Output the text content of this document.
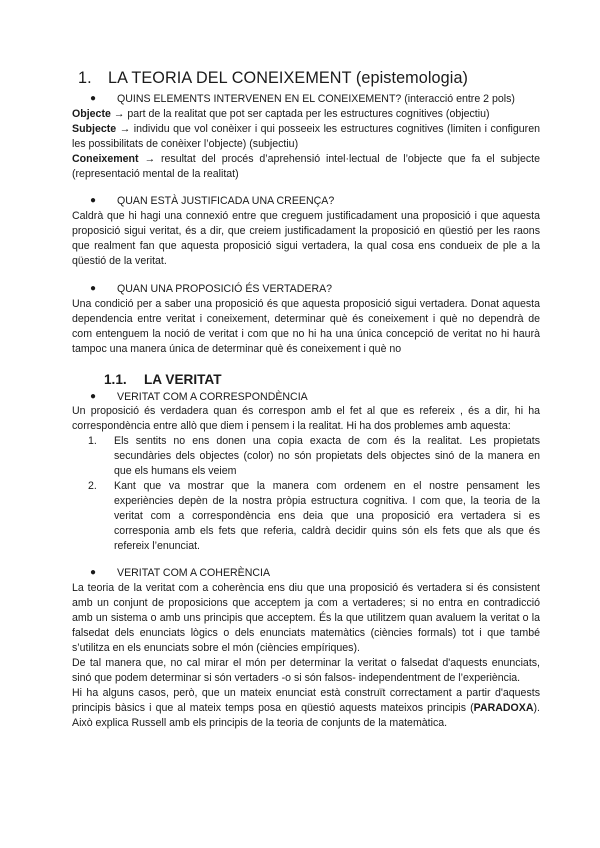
1. LA TEORIA DEL CONEIXEMENT (epistemologia)
● QUINS ELEMENTS INTERVENEN EN EL CONEIXEMENT? (interacció entre 2 pols)

Objecte → part de la realitat que pot ser captada per les estructures cognitives (objectiu)

Subjecte → individu que vol conèixer i qui posseeix les estructures cognitives (limiten i configuren les possibilitats de conèixer l’objecte) (subjectiu)

Coneixement → resultat del procés d’aprehensió intel·lectual de l’objecte que fa el subjecte (representació mental de la realitat)

● QUAN ESTÀ JUSTIFICADA UNA CREENÇA?

Caldrà que hi hagi una connexió entre que creguem justificadament una proposició i que aquesta proposició sigui veritat, és a dir, que creiem justificadament la proposició en qüestió per les raons que realment fan que aquesta proposició sigui vertadera, la qual cosa ens condueix de ple a la qüestió de la veritat.

● QUAN UNA PROPOSICIÓ ÉS VERTADERA?

Una condició per a saber una proposició és que aquesta proposició sigui vertadera. Donat aquesta dependencia entre veritat i coneixement, determinar què és coneixement i què no dependrà de com entenguem la noció de veritat i com que no hi ha una única concepció de veritat no hi haurà tampoc una manera única de determinar què és coneixement i què no

1.1. LA VERITAT
● VERITAT COM A CORRESPONDÈNCIA

Un proposició és verdadera quan és correspon amb el fet al que es refereix , és a dir, hi ha correspondència entre allò que diem i pensem i la realitat. Hi ha dos problemes amb aquesta:

1. Els sentits no ens donen una copia exacta de com és la realitat. Les propietats secundàries dels objectes (color) no són propietats dels objectes sinó de la manera en que els humans els veiem
2. Kant que va mostrar que la manera com ordenem en el nostre pensament les experiències depèn de la nostra pròpia estructura cognitiva. I com que, la teoria de la veritat com a correspondència ens deia que una proposició era vertadera si es corresponia amb els fets que referia, caldrà decidir quins són els fets que als que és refereix l’enunciat.
● VERITAT COM A COHERÈNCIA

La teoria de la veritat com a coherència ens diu que una proposició és vertadera si és consistent amb un conjunt de proposicions que acceptem ja com a vertaderes; si no entra en contradicció amb un sistema o amb uns principis que acceptem. És la que utilitzem quan avaluem la veritat o la falsedat dels enunciats lògics o dels enunciats matemàtics (ciències formals) tot i que també s’utilitza en els enunciats sobre el món (ciències empíriques).

De tal manera que, no cal mirar el món per determinar la veritat o falsedat d'aquests enunciats, sinó que podem determinar si són vertaders -o si són falsos- independentment de l’experiència.

Hi ha alguns casos, però, que un mateix enunciat està construït correctament a partir d'aquests principis bàsics i que al mateix temps posa en qüestió aquests mateixos principis (PARADOXA). Això explica Russell amb els principis de la teoria de conjunts de la matemàtica.
